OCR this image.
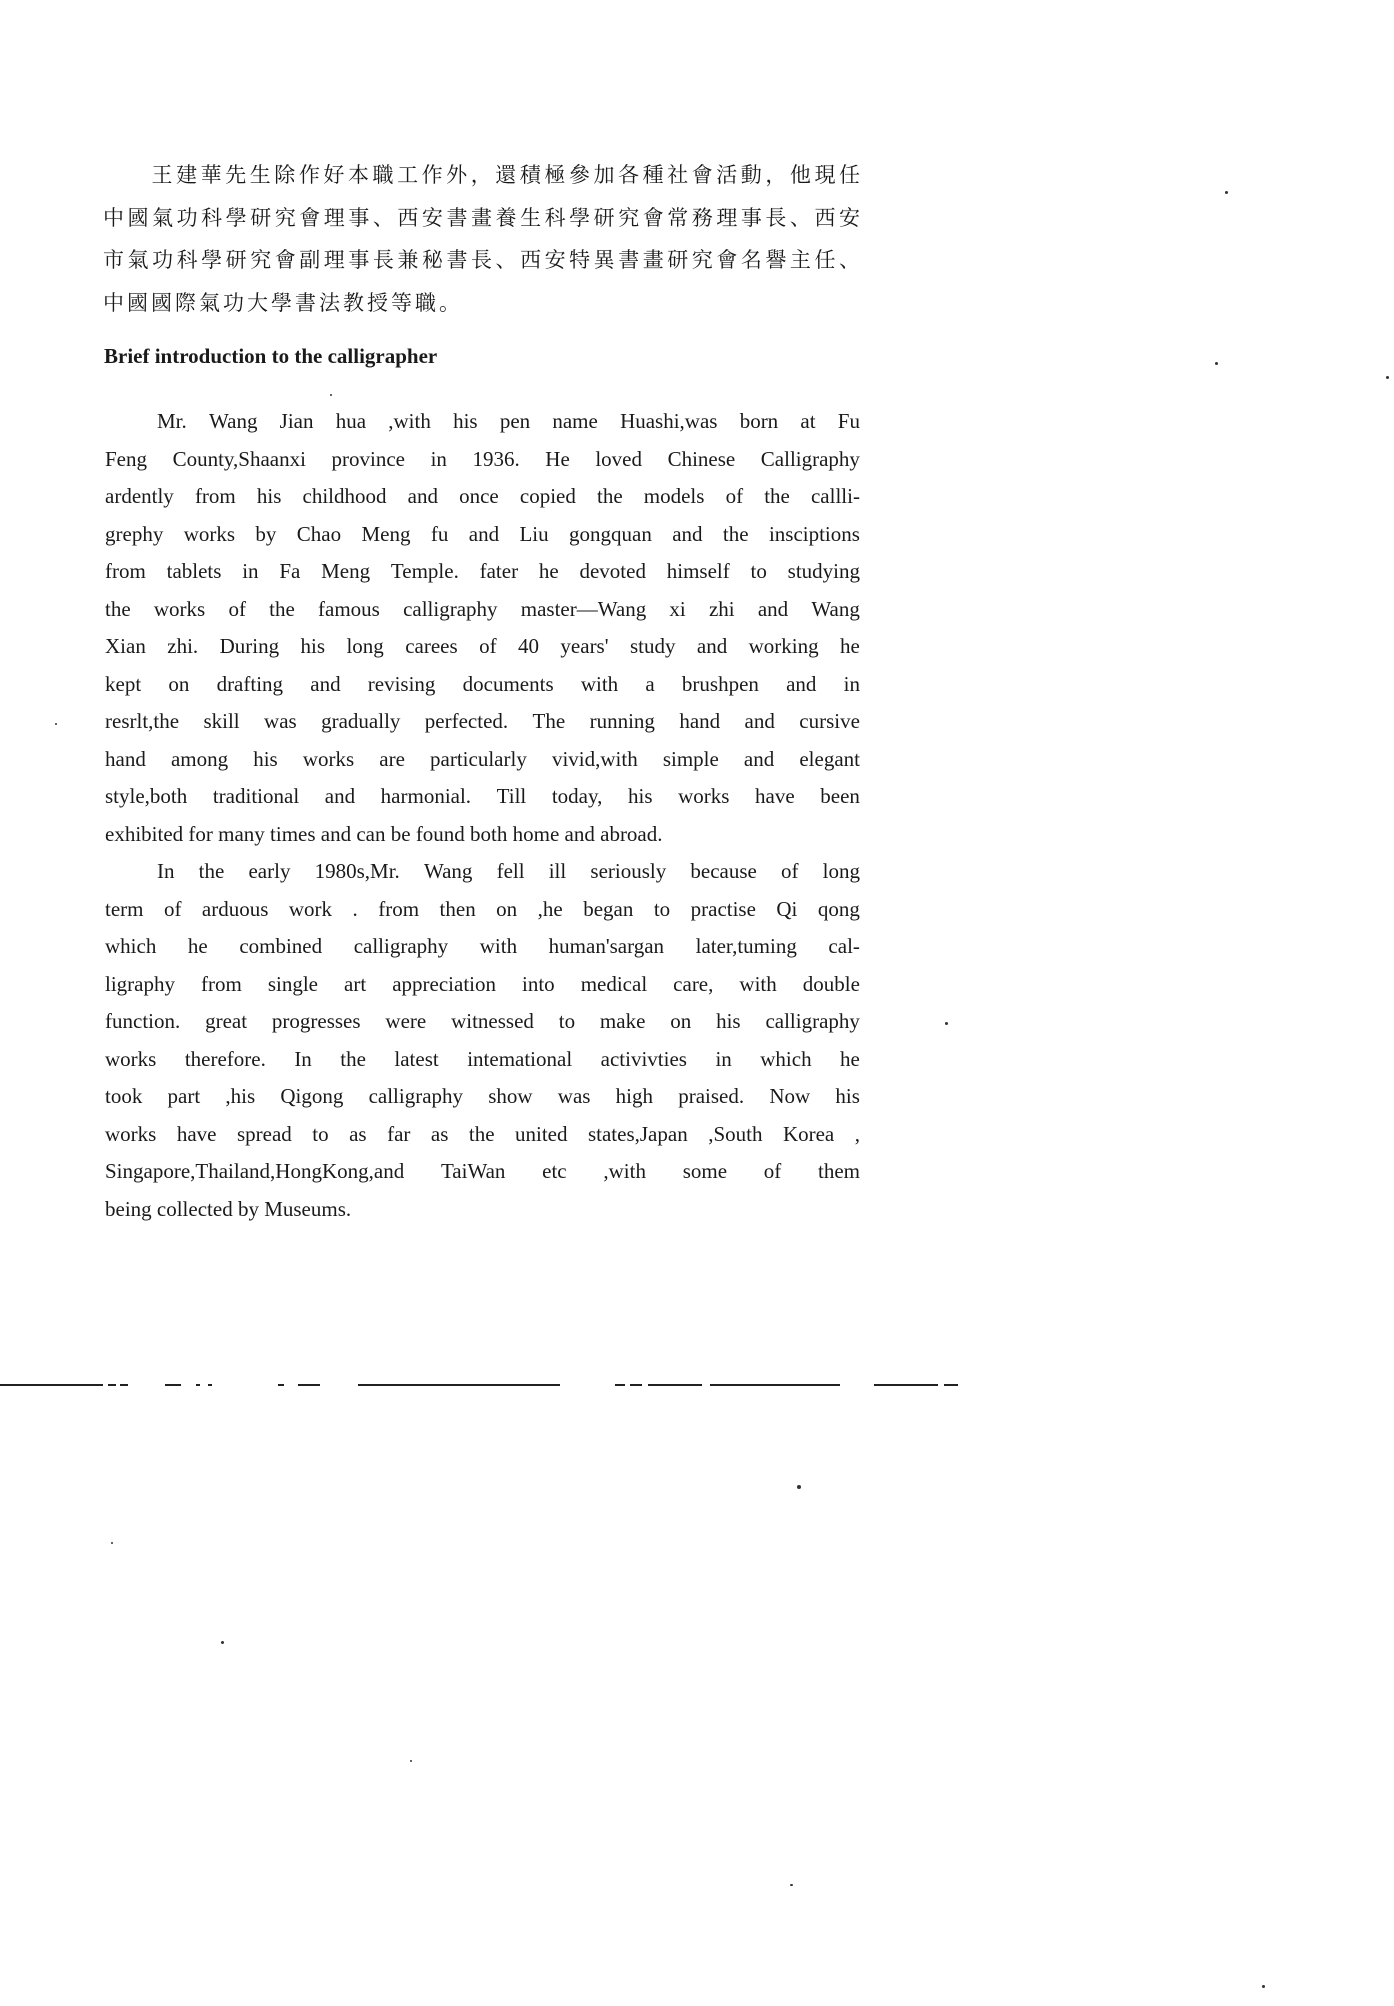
王建華先生除作好本職工作外，還積極參加各種社會活動，他現任中國氣功科學研究會理事、西安書畫養生科學研究會常務理事長、西安市氣功科學研究會副理事長兼秘書長、西安特異書畫研究會名譽主任、中國國際氣功大學書法教授等職。

Brief introduction to the calligrapher
Mr. Wang Jian hua ,with his pen name Huashi,was born at Fu
Feng County,Shaanxi province in 1936. He loved Chinese Calligraphy
ardently from his childhood and once copied the models of the callli-
grephy works by Chao Meng fu and Liu gongquan and the insciptions
from tablets in Fa Meng Temple. fater he devoted himself to studying
the works of the famous calligraphy master—Wang xi zhi and Wang
Xian zhi. During his long carees of 40 years' study and working he
kept on drafting and revising documents with a brushpen and in
resrlt,the skill was gradually perfected. The running hand and cursive
hand among his works are particularly vivid,with simple and elegant
style,both traditional and harmonial. Till today, his works have been
exhibited for many times and can be found both home and abroad.
In the early 1980s,Mr. Wang fell ill seriously because of long
term of arduous work . from then on ,he began to practise Qi qong
which he combined calligraphy with human'sargan later,tuming cal-
ligraphy from single art appreciation into medical care, with double
function. great progresses were witnessed to make on his calligraphy
works therefore. In the latest intemational activivties in which he
took part ,his Qigong calligraphy show was high praised. Now his
works have spread to as far as the united states,Japan ,South Korea ,
Singapore,Thailand,HongKong,and TaiWan etc ,with some of them
being collected by Museums.
